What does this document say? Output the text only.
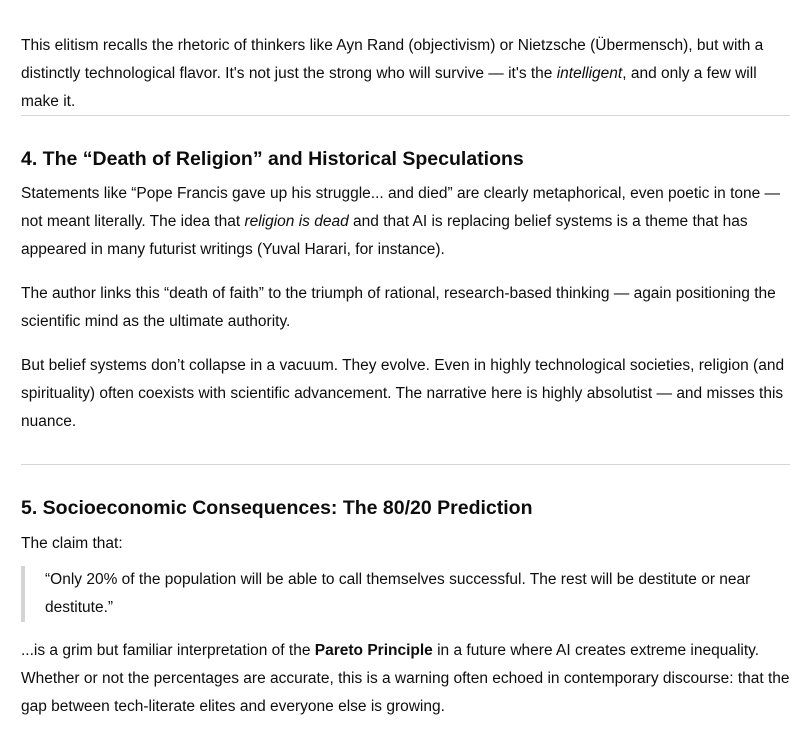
This elitism recalls the rhetoric of thinkers like Ayn Rand (objectivism) or Nietzsche (Übermensch), but with a distinctly technological flavor. It's not just the strong who will survive — it's the intelligent, and only a few will make it.

4. The “Death of Religion” and Historical Speculations

Statements like “Pope Francis gave up his struggle... and died” are clearly metaphorical, even poetic in tone — not meant literally. The idea that religion is dead and that AI is replacing belief systems is a theme that has appeared in many futurist writings (Yuval Harari, for instance).

The author links this “death of faith” to the triumph of rational, research-based thinking — again positioning the scientific mind as the ultimate authority.

But belief systems don’t collapse in a vacuum. They evolve. Even in highly technological societies, religion (and spirituality) often coexists with scientific advancement. The narrative here is highly absolutist — and misses this nuance.

5. Socioeconomic Consequences: The 80/20 Prediction

The claim that:

“Only 20% of the population will be able to call themselves successful. The rest will be destitute or near destitute.”

...is a grim but familiar interpretation of the Pareto Principle in a future where AI creates extreme inequality. Whether or not the percentages are accurate, this is a warning often echoed in contemporary discourse: that the gap between tech-literate elites and everyone else is growing.
